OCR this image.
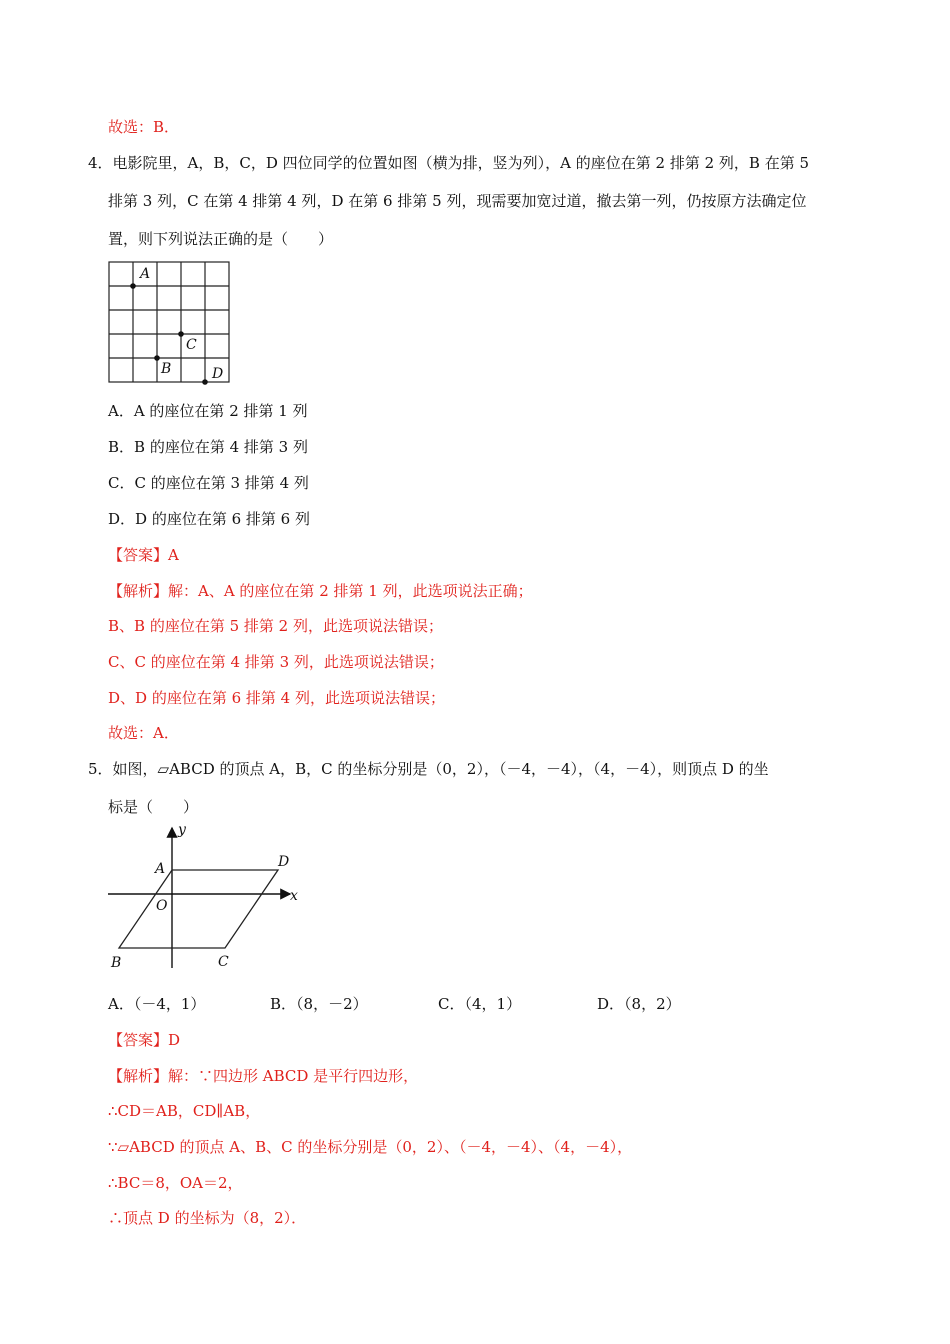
故选：B．
4．电影院里，A，B，C，D 四位同学的位置如图（横为排，竖为列），A 的座位在第 2 排第 2 列，B 在第 5
排第 3 列，C 在第 4 排第 4 列，D 在第 6 排第 5 列，现需要加宽过道，撤去第一列，仍按原方法确定位
置，则下列说法正确的是（　　）
A
B
C
D
A．A 的座位在第 2 排第 1 列
B．B 的座位在第 4 排第 3 列
C．C 的座位在第 3 排第 4 列
D．D 的座位在第 6 排第 6 列
【答案】A
【解析】解：A、A 的座位在第 2 排第 1 列，此选项说法正确；
B、B 的座位在第 5 排第 2 列，此选项说法错误；
C、C 的座位在第 4 排第 3 列，此选项说法错误；
D、D 的座位在第 6 排第 4 列，此选项说法错误；
故选：A．
5．如图，▱ABCD 的顶点 A，B，C 的坐标分别是（0，2），（－4，－4），（4，－4），则顶点 D 的坐
标是（　　）
y
x
A	D
B	C
O
A．（－4，1）	B．（8，－2）	C．（4，1）	D．（8，2）
【答案】D
【解析】解：∵四边形 ABCD 是平行四边形，
∴CD＝AB，CD∥AB，
∵▱ABCD 的顶点 A、B、C 的坐标分别是（0，2）、（－4，－4）、（4，－4），
∴BC＝8，OA＝2，
∴顶点 D 的坐标为（8，2）．
